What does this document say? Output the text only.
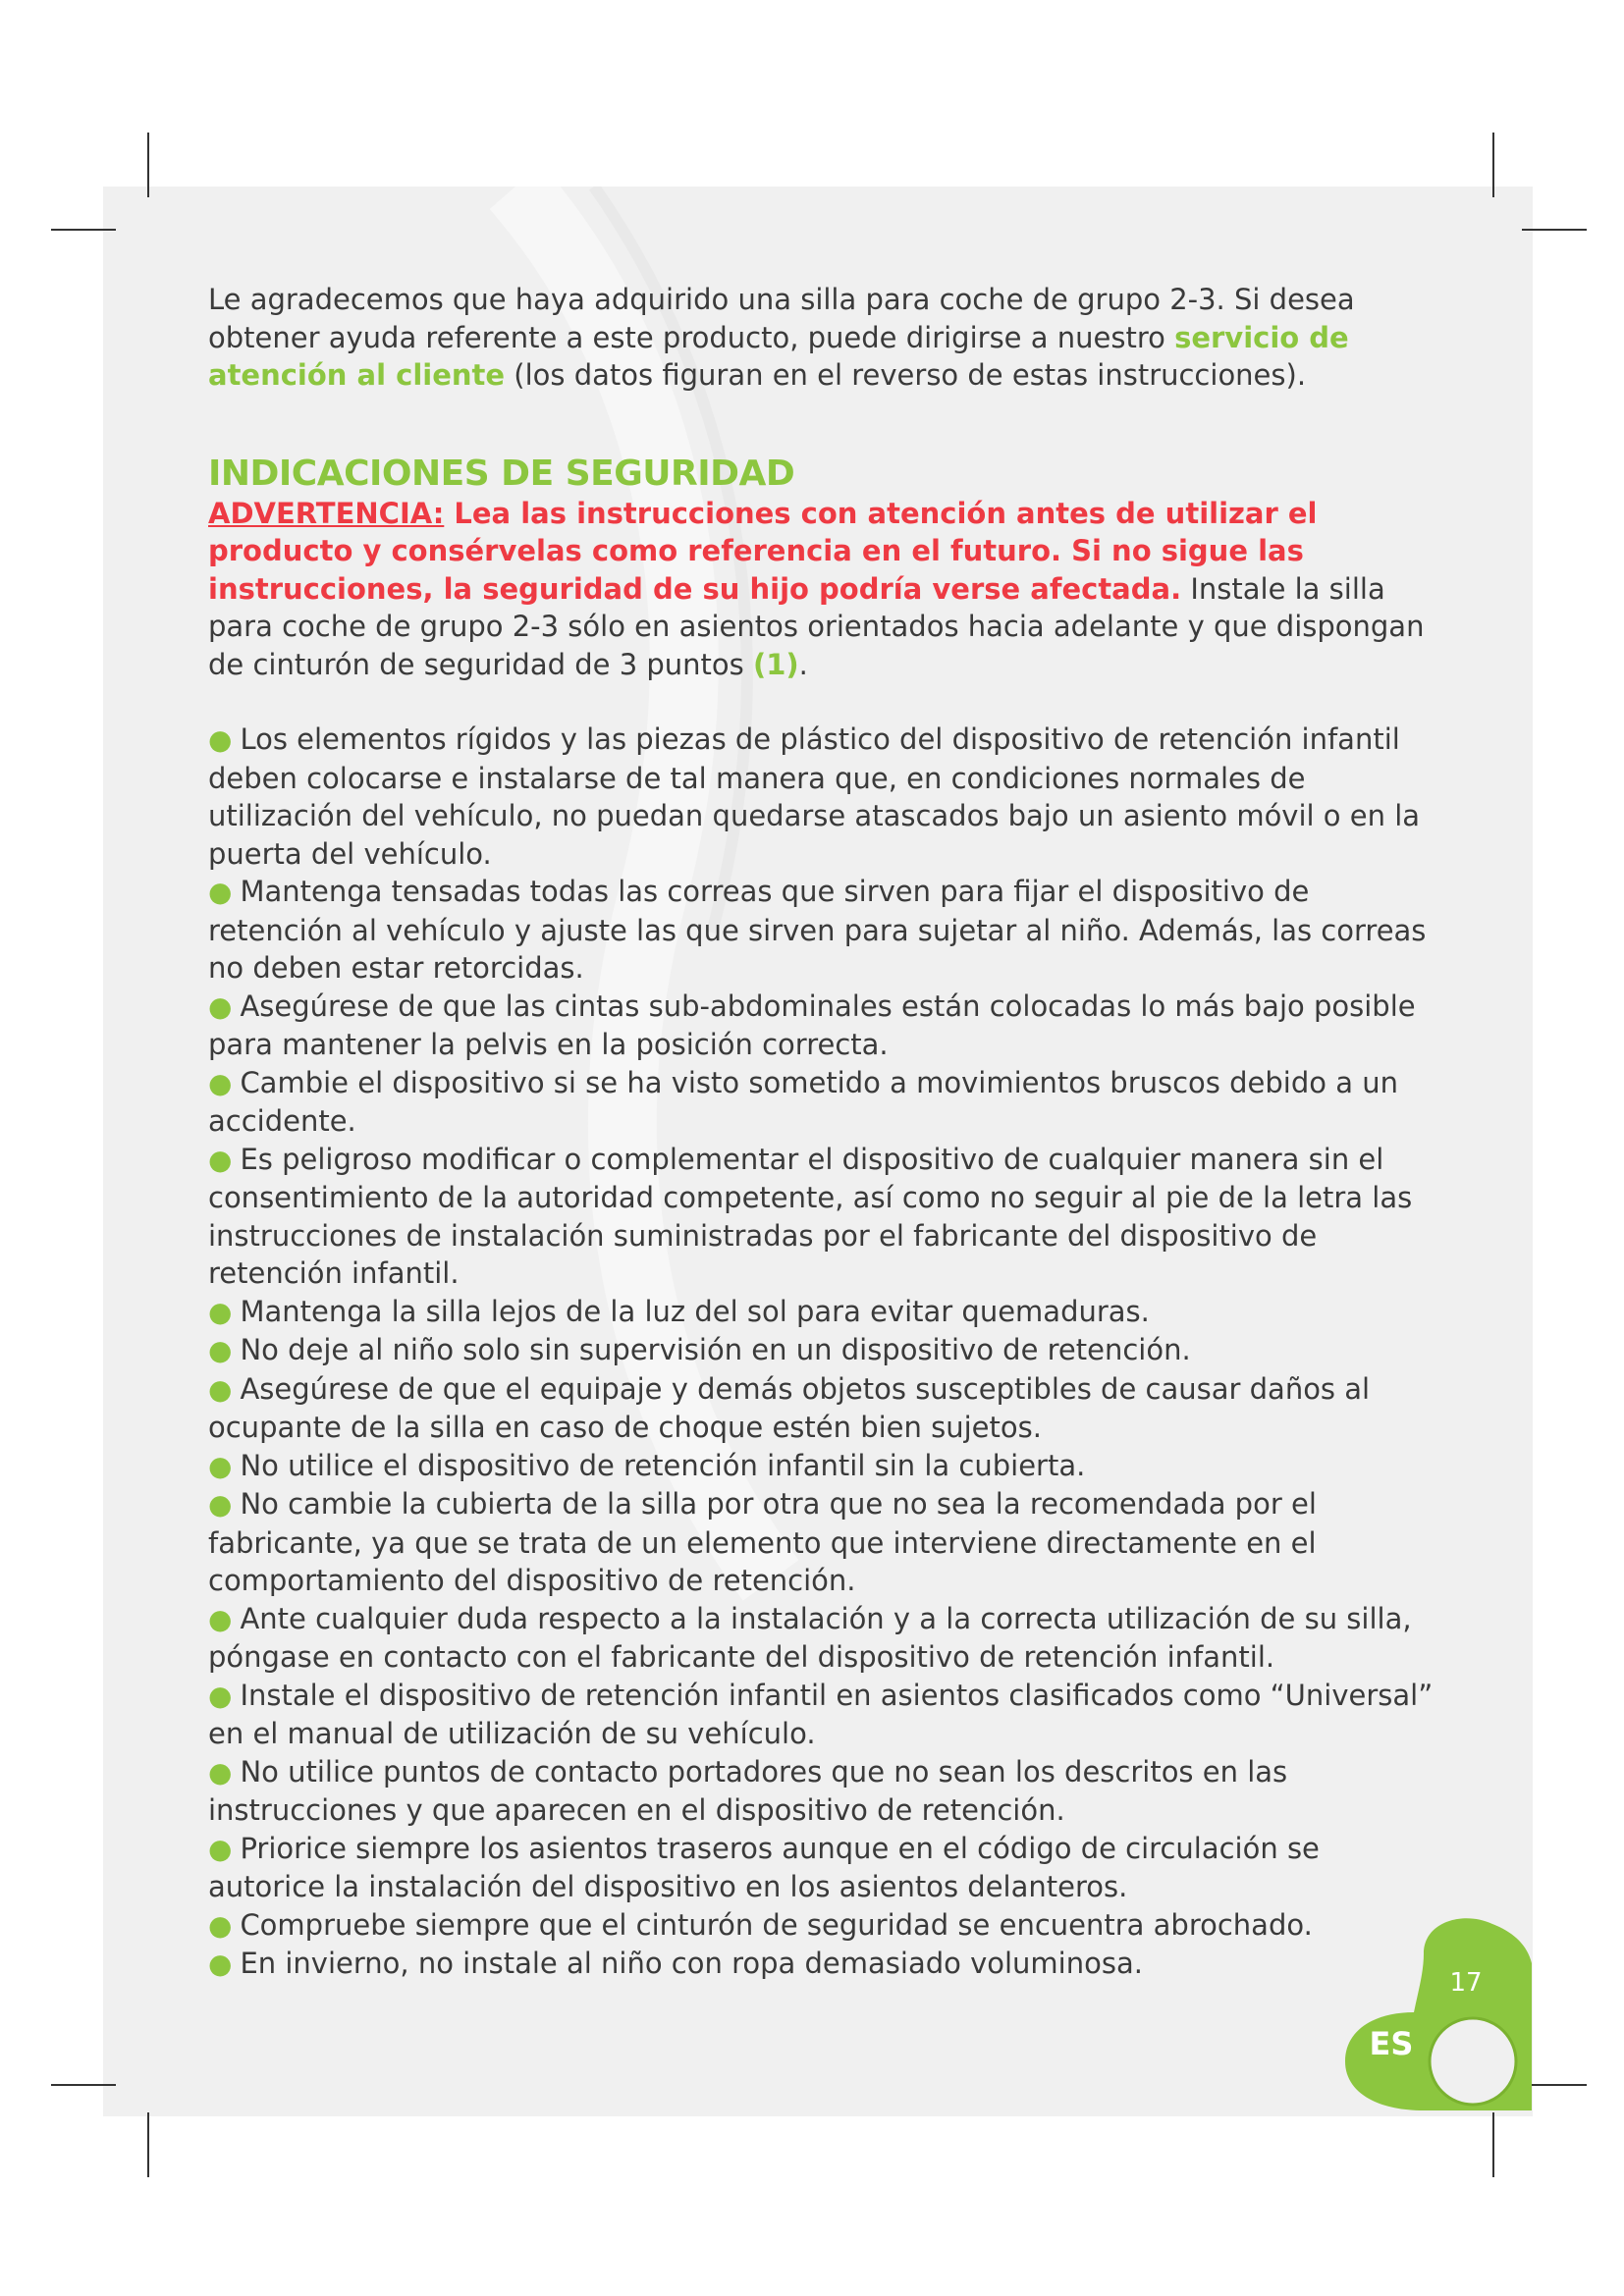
Le agradecemos que haya adquirido una silla para coche de grupo 2-3. Si desea obtener ayuda referente a este producto, puede dirigirse a nuestro servicio de atención al cliente (los datos figuran en el reverso de estas instrucciones).

INDICACIONES DE SEGURIDAD

ADVERTENCIA: Lea las instrucciones con atención antes de utilizar el producto y consérvelas como referencia en el futuro. Si no sigue las instrucciones, la seguridad de su hijo podría verse afectada. Instale la silla para coche de grupo 2-3 sólo en asientos orientados hacia adelante y que dispongan de cinturón de seguridad de 3 puntos (1).

● Los elementos rígidos y las piezas de plástico del dispositivo de retención infantil deben colocarse e instalarse de tal manera que, en condiciones normales de utilización del vehículo, no puedan quedarse atascados bajo un asiento móvil o en la puerta del vehículo.
● Mantenga tensadas todas las correas que sirven para fijar el dispositivo de retención al vehículo y ajuste las que sirven para sujetar al niño. Además, las correas no deben estar retorcidas.
● Asegúrese de que las cintas sub-abdominales están colocadas lo más bajo posible para mantener la pelvis en la posición correcta.
● Cambie el dispositivo si se ha visto sometido a movimientos bruscos debido a un accidente.
● Es peligroso modificar o complementar el dispositivo de cualquier manera sin el consentimiento de la autoridad competente, así como no seguir al pie de la letra las instrucciones de instalación suministradas por el fabricante del dispositivo de retención infantil.
● Mantenga la silla lejos de la luz del sol para evitar quemaduras.
● No deje al niño solo sin supervisión en un dispositivo de retención.
● Asegúrese de que el equipaje y demás objetos susceptibles de causar daños al ocupante de la silla en caso de choque estén bien sujetos.
● No utilice el dispositivo de retención infantil sin la cubierta.
● No cambie la cubierta de la silla por otra que no sea la recomendada por el fabricante, ya que se trata de un elemento que interviene directamente en el comportamiento del dispositivo de retención.
● Ante cualquier duda respecto a la instalación y a la correcta utilización de su silla, póngase en contacto con el fabricante del dispositivo de retención infantil.
● Instale el dispositivo de retención infantil en asientos clasificados como “Universal” en el manual de utilización de su vehículo.
● No utilice puntos de contacto portadores que no sean los descritos en las instrucciones y que aparecen en el dispositivo de retención.
● Priorice siempre los asientos traseros aunque en el código de circulación se autorice la instalación del dispositivo en los asientos delanteros.
● Compruebe siempre que el cinturón de seguridad se encuentra abrochado.
● En invierno, no instale al niño con ropa demasiado voluminosa.
17
ES
